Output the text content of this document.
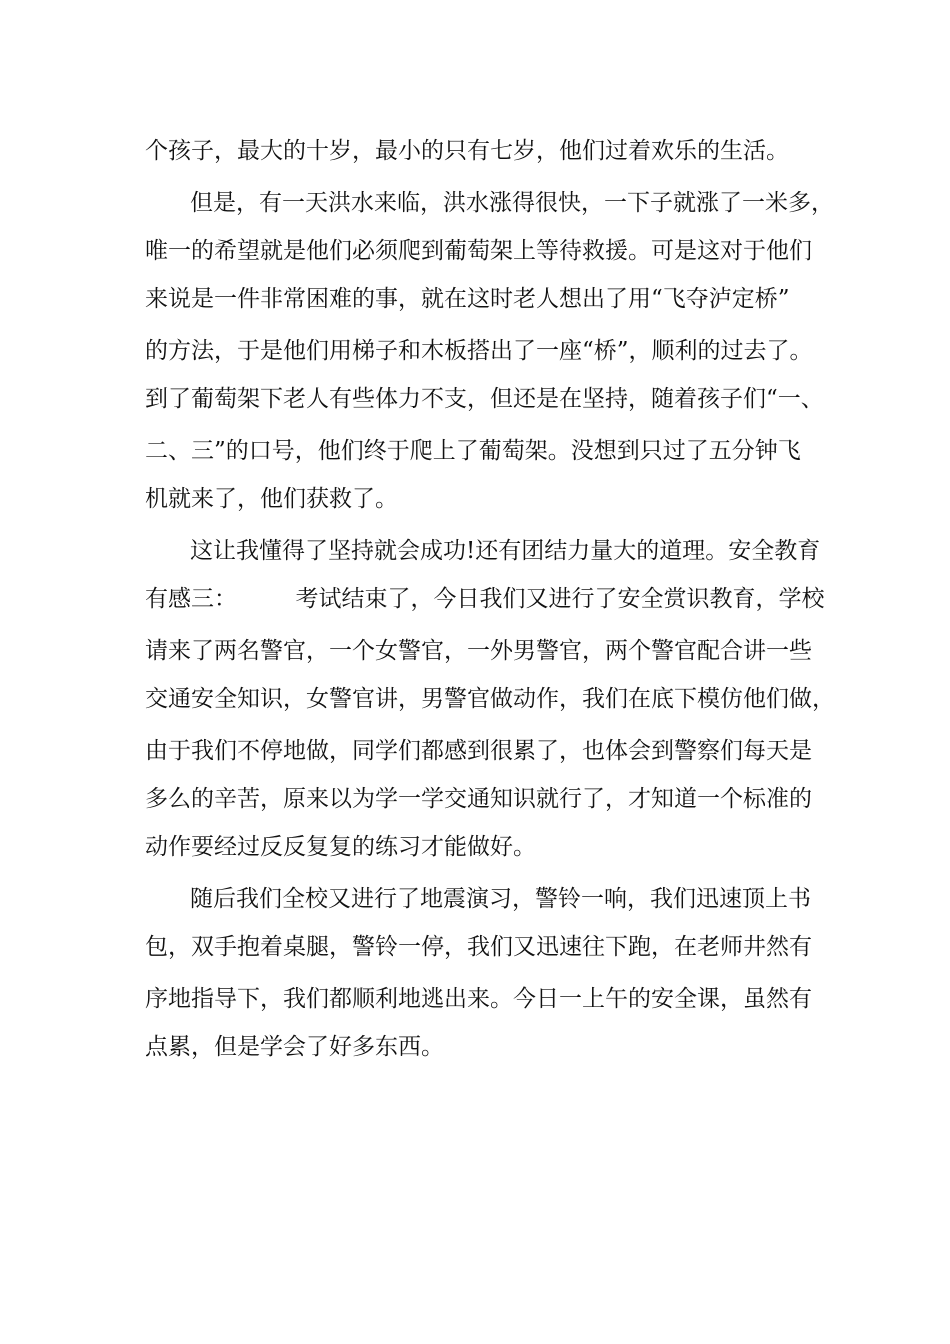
个孩子，最大的十岁，最小的只有七岁，他们过着欢乐的生活。
但是，有一天洪水来临，洪水涨得很快，一下子就涨了一米多，
唯一的希望就是他们必须爬到葡萄架上等待救援。可是这对于他们
来说是一件非常困难的事，就在这时老人想出了用“飞夺泸定桥”
的方法，于是他们用梯子和木板搭出了一座“桥”，顺利的过去了。
到了葡萄架下老人有些体力不支，但还是在坚持，随着孩子们“一、
二、三”的口号，他们终于爬上了葡萄架。没想到只过了五分钟飞
机就来了，他们获救了。
这让我懂得了坚持就会成功!还有团结力量大的道理。安全教育
有感三：        考试结束了，今日我们又进行了安全赏识教育，学校
请来了两名警官，一个女警官，一外男警官，两个警官配合讲一些
交通安全知识，女警官讲，男警官做动作，我们在底下模仿他们做，
由于我们不停地做，同学们都感到很累了，也体会到警察们每天是
多么的辛苦，原来以为学一学交通知识就行了，才知道一个标准的
动作要经过反反复复的练习才能做好。
随后我们全校又进行了地震演习，警铃一响，我们迅速顶上书
包，双手抱着桌腿，警铃一停，我们又迅速往下跑，在老师井然有
序地指导下，我们都顺利地逃出来。今日一上午的安全课，虽然有
点累，但是学会了好多东西。
